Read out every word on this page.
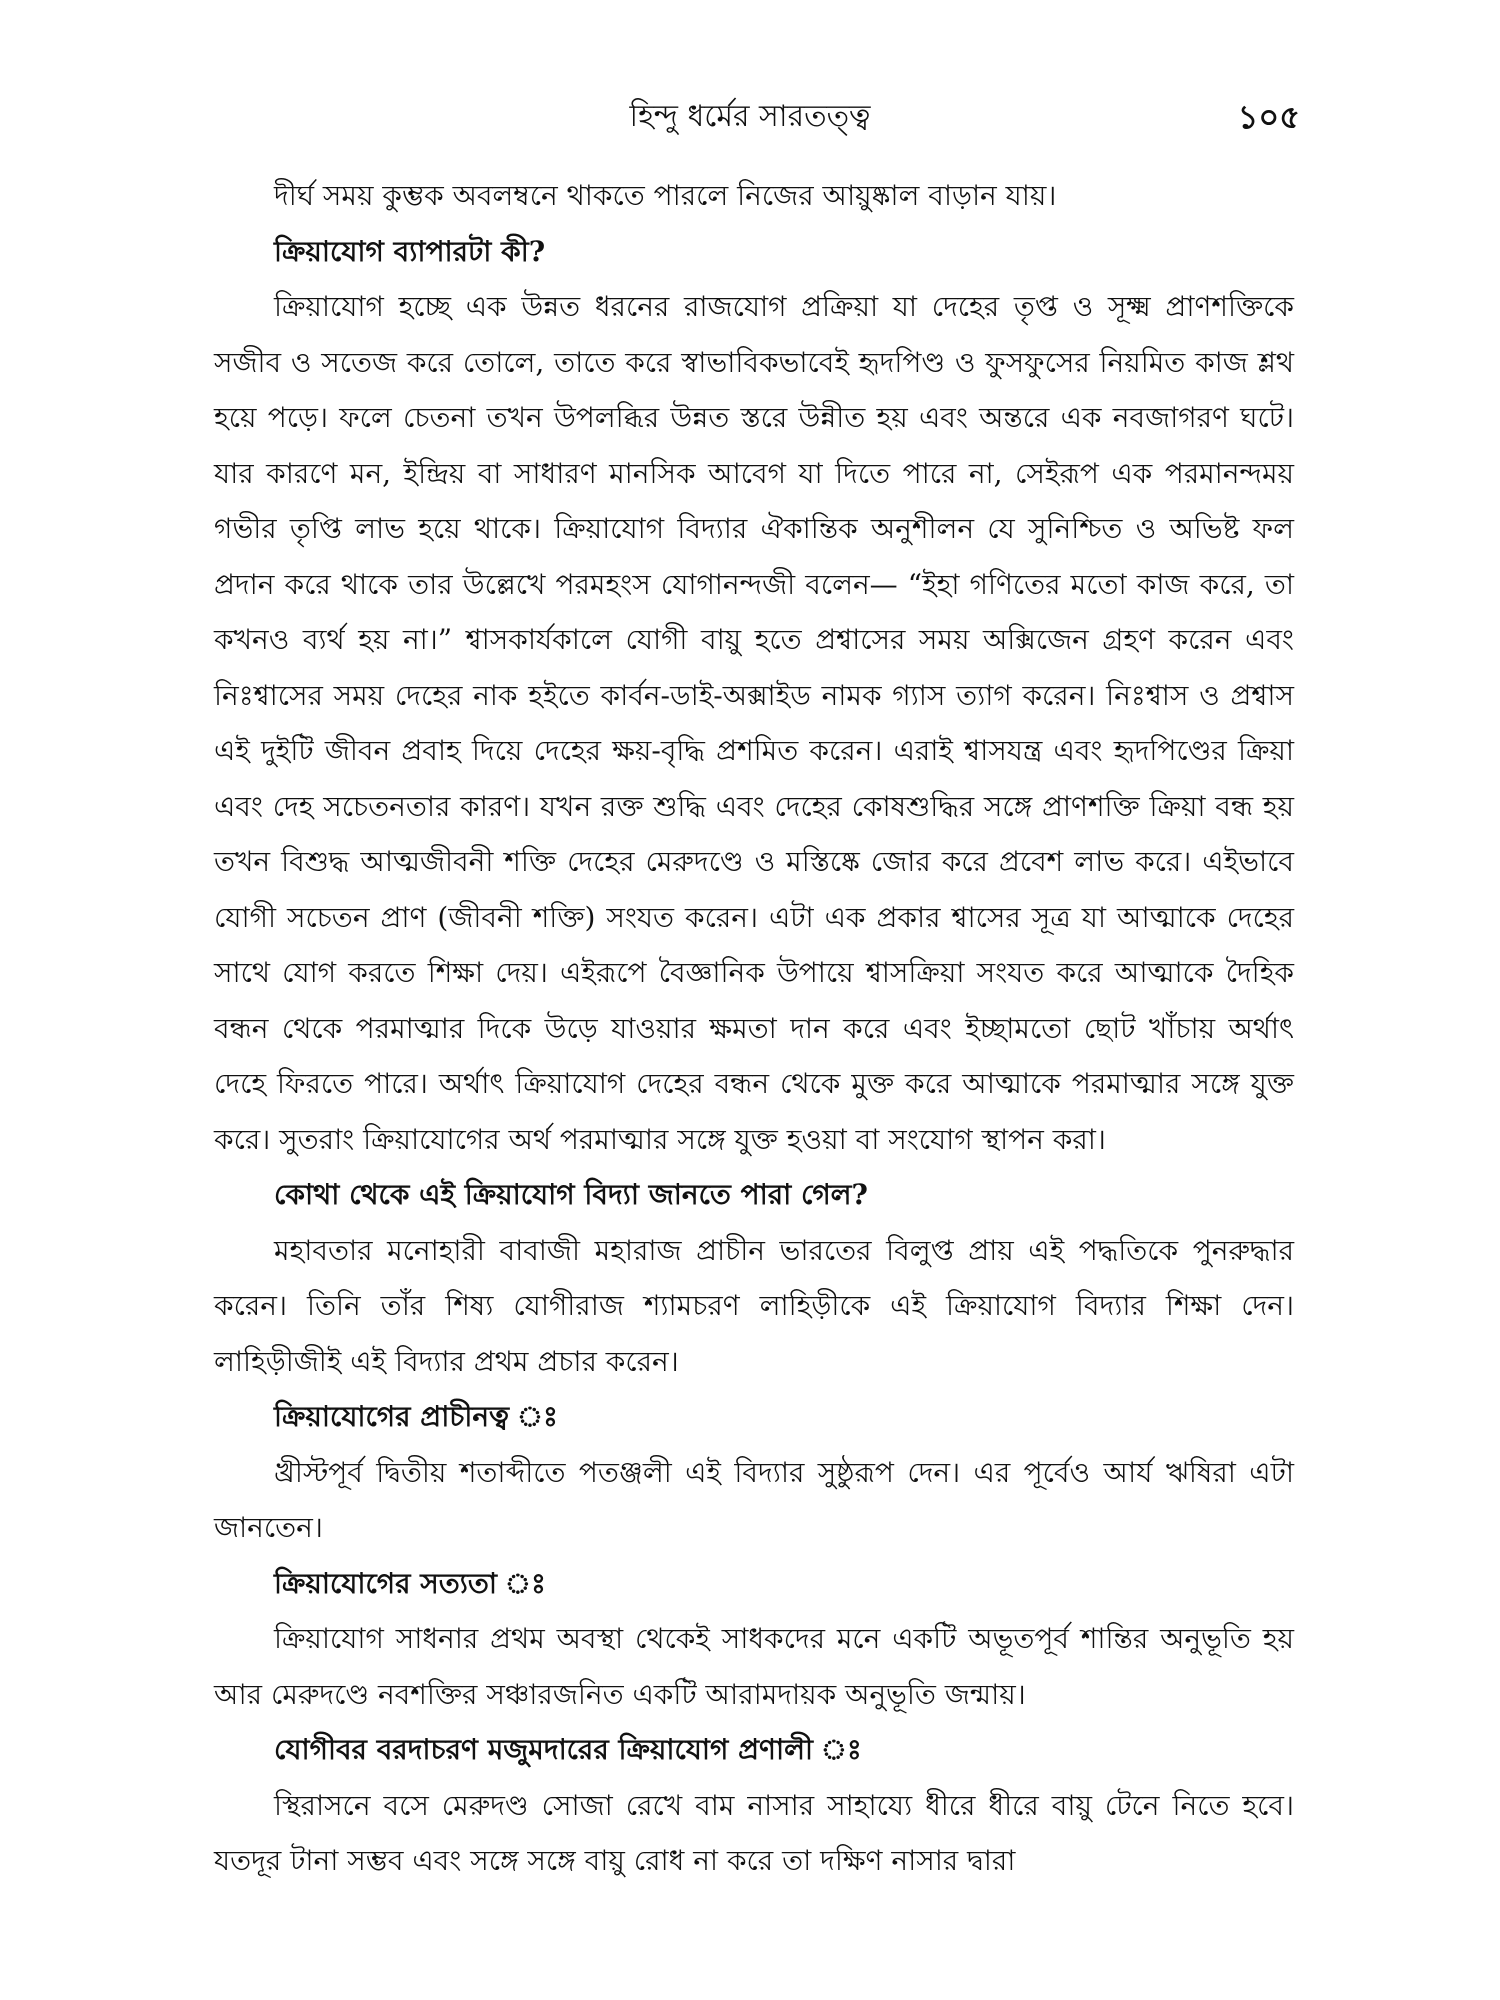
হিন্দু ধর্মের সারতত্ত্ব	১০৫

দীর্ঘ সময় কুম্ভক অবলম্বনে থাকতে পারলে নিজের আয়ুষ্কাল বাড়ান যায়।

ক্রিয়াযোগ ব্যাপারটা কী?

ক্রিয়াযোগ হচ্ছে এক উন্নত ধরনের রাজযোগ প্রক্রিয়া যা দেহের তৃপ্ত ও সূক্ষ্ম প্রাণশক্তিকে সজীব ও সতেজ করে তোলে, তাতে করে স্বাভাবিকভাবেই হৃদপিণ্ড ও ফুসফুসের নিয়মিত কাজ শ্লথ হয়ে পড়ে। ফলে চেতনা তখন উপলব্ধির উন্নত স্তরে উন্নীত হয় এবং অন্তরে এক নবজাগরণ ঘটে। যার কারণে মন, ইন্দ্রিয় বা সাধারণ মানসিক আবেগ যা দিতে পারে না, সেইরূপ এক পরমানন্দময় গভীর তৃপ্তি লাভ হয়ে থাকে। ক্রিয়াযোগ বিদ্যার ঐকান্তিক অনুশীলন যে সুনিশ্চিত ও অভিষ্ট ফল প্রদান করে থাকে তার উল্লেখে পরমহংস যোগানন্দজী বলেন— “ইহা গণিতের মতো কাজ করে, তা কখনও ব্যর্থ হয় না।” শ্বাসকার্যকালে যোগী বায়ু হতে প্রশ্বাসের সময় অক্সিজেন গ্রহণ করেন এবং নিঃশ্বাসের সময় দেহের নাক হইতে কার্বন-ডাই-অক্সাইড নামক গ্যাস ত্যাগ করেন। নিঃশ্বাস ও প্রশ্বাস এই দুইটি জীবন প্রবাহ দিয়ে দেহের ক্ষয়-বৃদ্ধি প্রশমিত করেন। এরাই শ্বাসযন্ত্র এবং হৃদপিণ্ডের ক্রিয়া এবং দেহ সচেতনতার কারণ। যখন রক্ত শুদ্ধি এবং দেহের কোষশুদ্ধির সঙ্গে প্রাণশক্তি ক্রিয়া বন্ধ হয় তখন বিশুদ্ধ আত্মজীবনী শক্তি দেহের মেরুদণ্ডে ও মস্তিষ্কে জোর করে প্রবেশ লাভ করে। এইভাবে যোগী সচেতন প্রাণ (জীবনী শক্তি) সংযত করেন। এটা এক প্রকার শ্বাসের সূত্র যা আত্মাকে দেহের সাথে যোগ করতে শিক্ষা দেয়। এইরূপে বৈজ্ঞানিক উপায়ে শ্বাসক্রিয়া সংযত করে আত্মাকে দৈহিক বন্ধন থেকে পরমাত্মার দিকে উড়ে যাওয়ার ক্ষমতা দান করে এবং ইচ্ছামতো ছোট খাঁচায় অর্থাৎ দেহে ফিরতে পারে। অর্থাৎ ক্রিয়াযোগ দেহের বন্ধন থেকে মুক্ত করে আত্মাকে পরমাত্মার সঙ্গে যুক্ত করে। সুতরাং ক্রিয়াযোগের অর্থ পরমাত্মার সঙ্গে যুক্ত হওয়া বা সংযোগ স্থাপন করা।

কোথা থেকে এই ক্রিয়াযোগ বিদ্যা জানতে পারা গেল?

মহাবতার মনোহারী বাবাজী মহারাজ প্রাচীন ভারতের বিলুপ্ত প্রায় এই পদ্ধতিকে পুনরুদ্ধার করেন। তিনি তাঁর শিষ্য যোগীরাজ শ্যামচরণ লাহিড়ীকে এই ক্রিয়াযোগ বিদ্যার শিক্ষা দেন। লাহিড়ীজীই এই বিদ্যার প্রথম প্রচার করেন।

ক্রিয়াযোগের প্রাচীনত্ব ঃ

খ্রীস্টপূর্ব দ্বিতীয় শতাব্দীতে পতঞ্জলী এই বিদ্যার সুষ্ঠুরূপ দেন। এর পূর্বেও আর্য ঋষিরা এটা জানতেন।

ক্রিয়াযোগের সত্যতা ঃ

ক্রিয়াযোগ সাধনার প্রথম অবস্থা থেকেই সাধকদের মনে একটি অভূতপূর্ব শান্তির অনুভূতি হয় আর মেরুদণ্ডে নবশক্তির সঞ্চারজনিত একটি আরামদায়ক অনুভূতি জন্মায়।

যোগীবর বরদাচরণ মজুমদারের ক্রিয়াযোগ প্রণালী ঃ

স্থিরাসনে বসে মেরুদণ্ড সোজা রেখে বাম নাসার সাহায্যে ধীরে ধীরে বায়ু টেনে নিতে হবে। যতদূর টানা সম্ভব এবং সঙ্গে সঙ্গে বায়ু রোধ না করে তা দক্ষিণ নাসার দ্বারা
